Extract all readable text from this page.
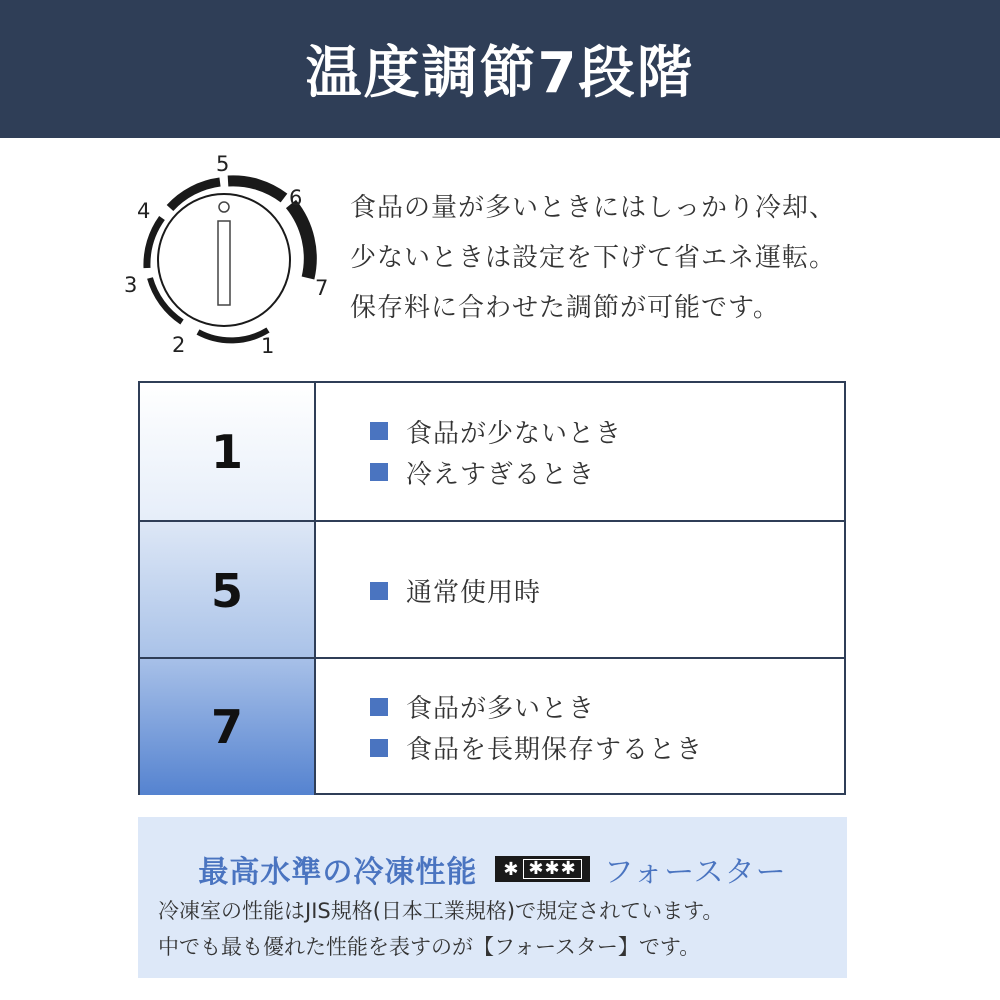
温度調節7段階
1
2
3
4
5
6
7

食品の量が多いときにはしっかり冷却、

少ないときは設定を下げて省エネ運転。

保存料に合わせた調節が可能です。

1	食品が少ないとき
冷えすぎるとき
5	通常使用時
7	食品が多いとき
食品を長期保存するとき
最高水準の冷凍性能 ✱ ✱✱✱ フォースター

冷凍室の性能はJIS規格(日本工業規格)で規定されています。

中でも最も優れた性能を表すのが【フォースター】です。
